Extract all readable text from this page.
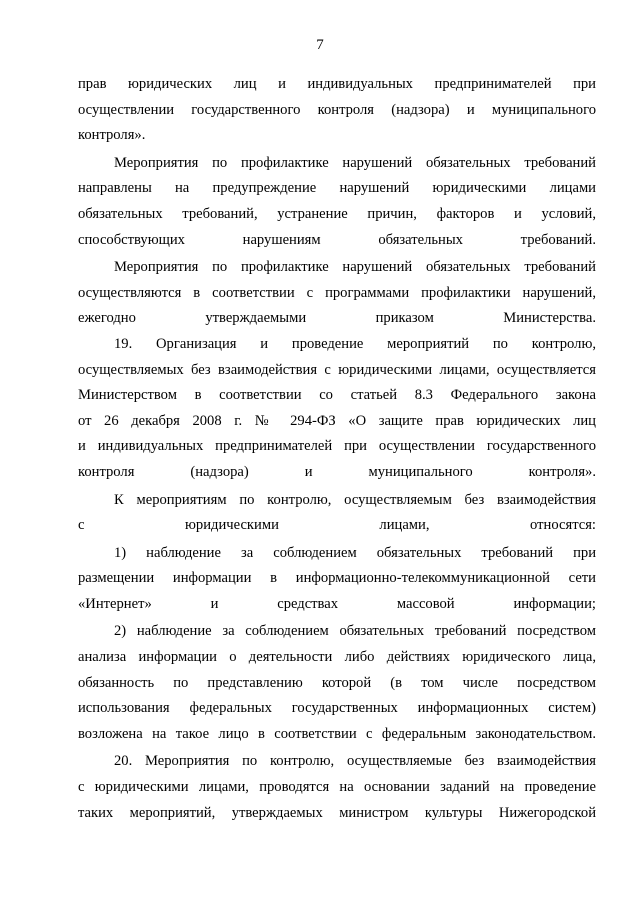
7
прав юридических лиц и индивидуальных предпринимателей при
осуществлении государственного контроля (надзора) и муниципального
контроля».
Мероприятия по профилактике нарушений обязательных требований
направлены на предупреждение нарушений юридическими лицами
обязательных требований, устранение причин, факторов и условий,
способствующих нарушениям обязательных требований.
Мероприятия по профилактике нарушений обязательных требований
осуществляются в соответствии с программами профилактики нарушений,
ежегодно утверждаемыми приказом Министерства.
19. Организация и проведение мероприятий по контролю,
осуществляемых без взаимодействия с юридическими лицами, осуществляется
Министерством в соответствии со статьей 8.3 Федерального закона
от 26 декабря 2008 г. № 294-ФЗ «О защите прав юридических лиц
и индивидуальных предпринимателей при осуществлении государственного
контроля (надзора) и муниципального контроля».
К мероприятиям по контролю, осуществляемым без взаимодействия
с юридическими лицами, относятся:
1) наблюдение за соблюдением обязательных требований при
размещении информации в информационно-телекоммуникационной сети
«Интернет» и средствах массовой информации;
2) наблюдение за соблюдением обязательных требований посредством
анализа информации о деятельности либо действиях юридического лица,
обязанность по представлению которой (в том числе посредством
использования федеральных государственных информационных систем)
возложена на такое лицо в соответствии с федеральным законодательством.
20. Мероприятия по контролю, осуществляемые без взаимодействия
с юридическими лицами, проводятся на основании заданий на проведение
таких мероприятий, утверждаемых министром культуры Нижегородской
